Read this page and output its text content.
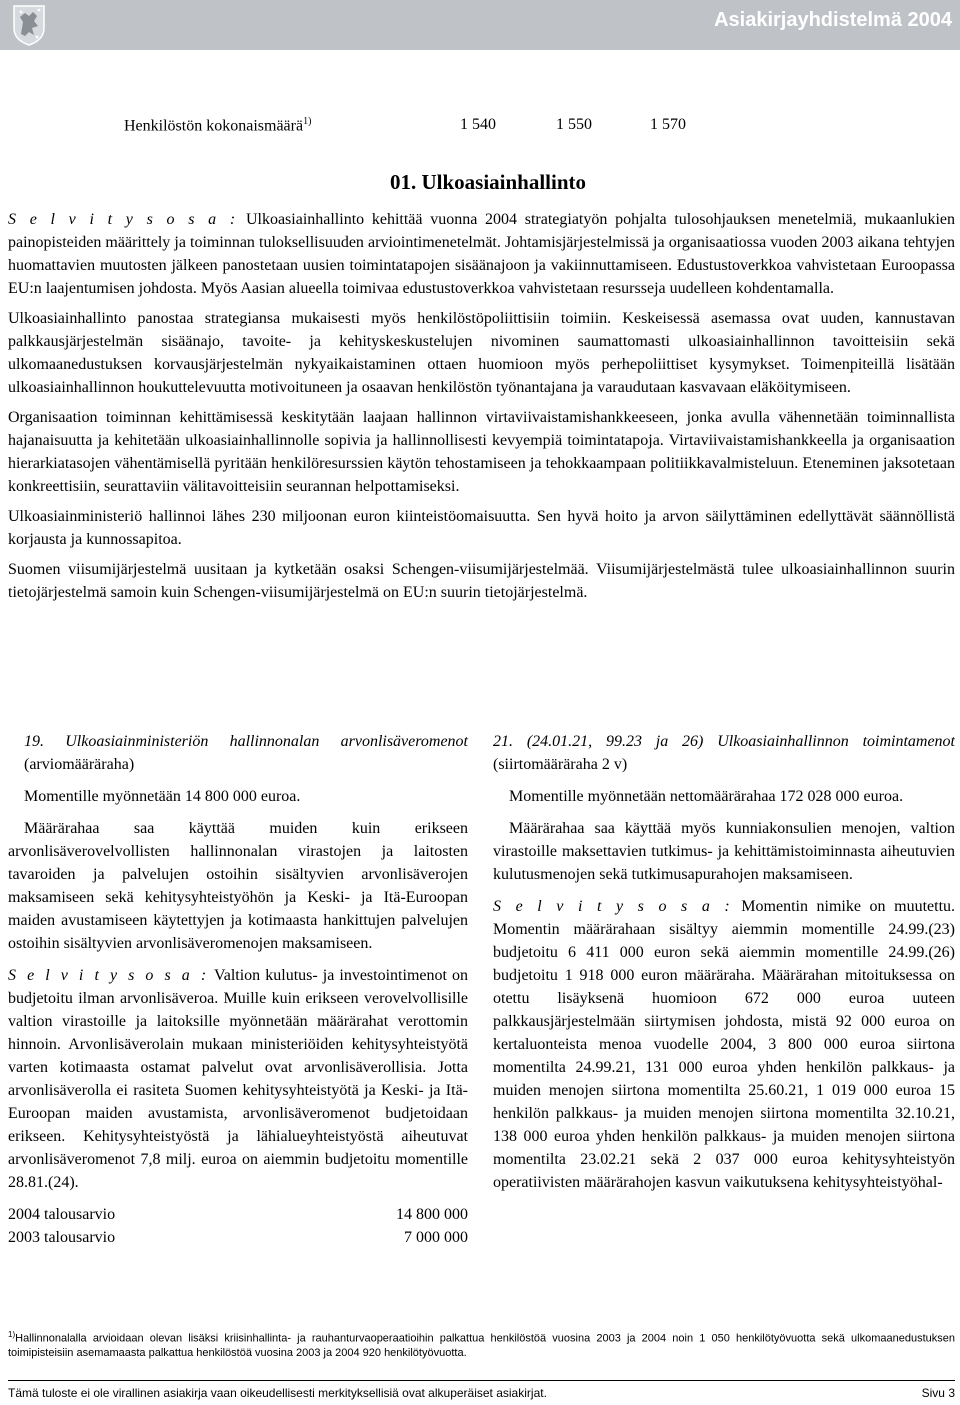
Asiakirjayhdistelmä 2004
Henkilöstön kokonaismäärä$^{1)}$	1 540	1 550	1 570
01. Ulkoasiainhallinto

S e l v i t y s o s a : Ulkoasiainhallinto kehittää vuonna 2004 strategiatyön pohjalta tulosohjauksen menetelmiä, mukaanlukien painopisteiden määrittely ja toiminnan tuloksellisuuden arviointimenetelmät. Johtamisjärjestelmissä ja organisaatiossa vuoden 2003 aikana tehtyjen huomattavien muutosten jälkeen panostetaan uusien toimintatapojen sisäänajoon ja vakiinnuttamiseen. Edustustoverkkoa vahvistetaan Euroopassa EU:n laajentumisen johdosta. Myös Aasian alueella toimivaa edustustoverkkoa vahvistetaan resursseja uudelleen kohdentamalla.

Ulkoasiainhallinto panostaa strategiansa mukaisesti myös henkilöstöpoliittisiin toimiin. Keskeisessä asemassa ovat uuden, kannustavan palkkausjärjestelmän sisäänajo, tavoite- ja kehityskeskustelujen nivominen saumattomasti ulkoasiainhallinnon tavoitteisiin sekä ulkomaanedustuksen korvausjärjestelmän nykyaikaistaminen ottaen huomioon myös perhepoliittiset kysymykset. Toimenpiteillä lisätään ulkoasiainhallinnon houkuttelevuutta motivoituneen ja osaavan henkilöstön työnantajana ja varaudutaan kasvavaan eläköitymiseen.

Organisaation toiminnan kehittämisessä keskitytään laajaan hallinnon virtaviivaistamishankkeeseen, jonka avulla vähennetään toiminnallista hajanaisuutta ja kehitetään ulkoasiainhallinnolle sopivia ja hallinnollisesti kevyempiä toimintatapoja. Virtaviivaistamishankkeella ja organisaation hierarkiatasojen vähentämisellä pyritään henkilöresurssien käytön tehostamiseen ja tehokkaampaan politiikkavalmisteluun. Eteneminen jaksotetaan konkreettisiin, seurattaviin välitavoitteisiin seurannan helpottamiseksi.

Ulkoasiainministeriö hallinnoi lähes 230 miljoonan euron kiinteistöomaisuutta. Sen hyvä hoito ja arvon säilyttäminen edellyttävät säännöllistä korjausta ja kunnossapitoa.

Suomen viisumijärjestelmä uusitaan ja kytketään osaksi Schengen-viisumijärjestelmää. Viisumijärjestelmästä tulee ulkoasiainhallinnon suurin tietojärjestelmä samoin kuin Schengen-viisumijärjestelmä on EU:n suurin tietojärjestelmä.

19. Ulkoasiainministeriön hallinnonalan arvonlisäveromenot (arviomääräraha)

Momentille myönnetään 14 800 000 euroa.

Määrärahaa saa käyttää muiden kuin erikseen arvonlisäverovelvollisten hallinnonalan virastojen ja laitosten tavaroiden ja palvelujen ostoihin sisältyvien arvonlisäverojen maksamiseen sekä kehitysyhteistyöhön ja Keski- ja Itä-Euroopan maiden avustamiseen käytettyjen ja kotimaasta hankittujen palvelujen ostoihin sisältyvien arvonlisäveromenojen maksamiseen.

S e l v i t y s o s a : Valtion kulutus- ja investointimenot on budjetoitu ilman arvonlisäveroa. Muille kuin erikseen verovelvollisille valtion virastoille ja laitoksille myönnetään määrärahat verottomin hinnoin. Arvonlisäverolain mukaan ministeriöiden kehitysyhteistyötä varten kotimaasta ostamat palvelut ovat arvonlisäverollisia. Jotta arvonlisäverolla ei rasiteta Suomen kehitysyhteistyötä ja Keski- ja Itä-Euroopan maiden avustamista, arvonlisäveromenot budjetoidaan erikseen. Kehitysyhteistyöstä ja lähialueyhteistyöstä aiheutuvat arvonlisäveromenot 7,8 milj. euroa on aiemmin budjetoitu momentille 28.81.(24).

2004 talousarvio	14 800 000
2003 talousarvio	7 000 000

21. (24.01.21, 99.23 ja 26) Ulkoasiainhallinnon toimintamenot (siirtomääräraha 2 v)

Momentille myönnetään nettomäärärahaa 172 028 000 euroa.

Määrärahaa saa käyttää myös kunniakonsulien menojen, valtion virastoille maksettavien tutkimus- ja kehittämistoiminnasta aiheutuvien kulutusmenojen sekä tutkimusapurahojen maksamiseen.

S e l v i t y s o s a : Momentin nimike on muutettu. Momentin määrärahaan sisältyy aiemmin momentille 24.99.(23) budjetoitu 6 411 000 euron sekä aiemmin momentille 24.99.(26) budjetoitu 1 918 000 euron määräraha. Määrärahan mitoituksessa on otettu lisäyksenä huomioon 672 000 euroa uuteen palkkausjärjestelmään siirtymisen johdosta, mistä 92 000 euroa on kertaluonteista menoa vuodelle 2004, 3 800 000 euroa siirtona momentilta 24.99.21, 131 000 euroa yhden henkilön palkkaus- ja muiden menojen siirtona momentilta 25.60.21, 1 019 000 euroa 15 henkilön palkkaus- ja muiden menojen siirtona momentilta 32.10.21, 138 000 euroa yhden henkilön palkkaus- ja muiden menojen siirtona momentilta 23.02.21 sekä 2 037 000 euroa kehitysyhteistyön operatiivisten määrärahojen kasvun vaikutuksena kehitysyhteistyöhal-

$^{1)}$Hallinnonalalla arvioidaan olevan lisäksi kriisinhallinta- ja rauhanturvaoperaatioihin palkattua henkilöstöä vuosina 2003 ja 2004 noin 1 050 henkilötyövuotta sekä ulkomaanedustuksen toimipisteisiin asemamaasta palkattua henkilöstöä vuosina 2003 ja 2004 920 henkilötyövuotta.
Tämä tuloste ei ole virallinen asiakirja vaan oikeudellisesti merkityksellisiä ovat alkuperäiset asiakirjat.	Sivu 3
